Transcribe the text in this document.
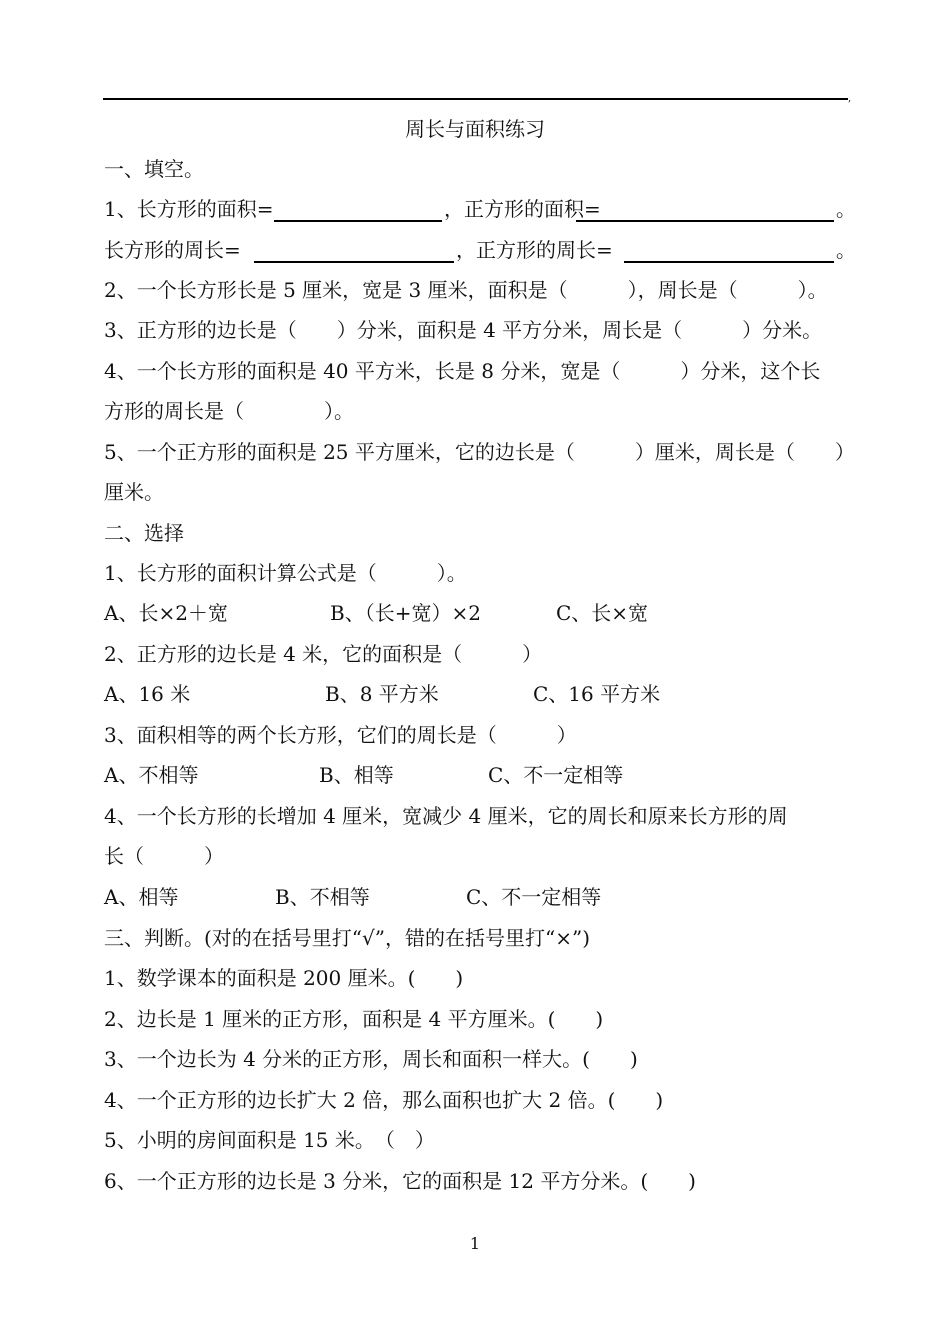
,
周长与面积练习
一、填空。
1、长方形的面积=	，正方形的面积=	。
长方形的周长=	，正方形的周长=	。
2、一个长方形长是 5 厘米，宽是 3 厘米，面积是（　　　），周长是（　　　）。
3、正方形的边长是（　　）分米，面积是 4 平方分米，周长是（　　　）分米。
4、一个长方形的面积是 40 平方米，长是 8 分米，宽是（　　　）分米，这个长
方形的周长是（　　　　）。
5、一个正方形的面积是 25 平方厘米，它的边长是（　　　）厘米，周长是（　　）
厘米。
二、选择
1、长方形的面积计算公式是（　　　）。
A、长×2＋宽	B、（长+宽）×2	C、长×宽
2、正方形的边长是 4 米，它的面积是（　　　）
A、16 米	B、8 平方米	C、16 平方米
3、面积相等的两个长方形，它们的周长是（　　　）
A、不相等	B、相等	C、不一定相等
4、一个长方形的长增加 4 厘米，宽减少 4 厘米，它的周长和原来长方形的周
长（　　　）
A、相等	B、不相等	C、不一定相等
三、判断。(对的在括号里打“√”，错的在括号里打“×”)
1、数学课本的面积是 200 厘米。(　　)
2、边长是 1 厘米的正方形，面积是 4 平方厘米。(　　)
3、一个边长为 4 分米的正方形，周长和面积一样大。(　　)
4、一个正方形的边长扩大 2 倍，那么面积也扩大 2 倍。(　　)
5、小明的房间面积是 15 米。　（　）
6、一个正方形的边长是 3 分米，它的面积是 12 平方分米。(　　)
1
